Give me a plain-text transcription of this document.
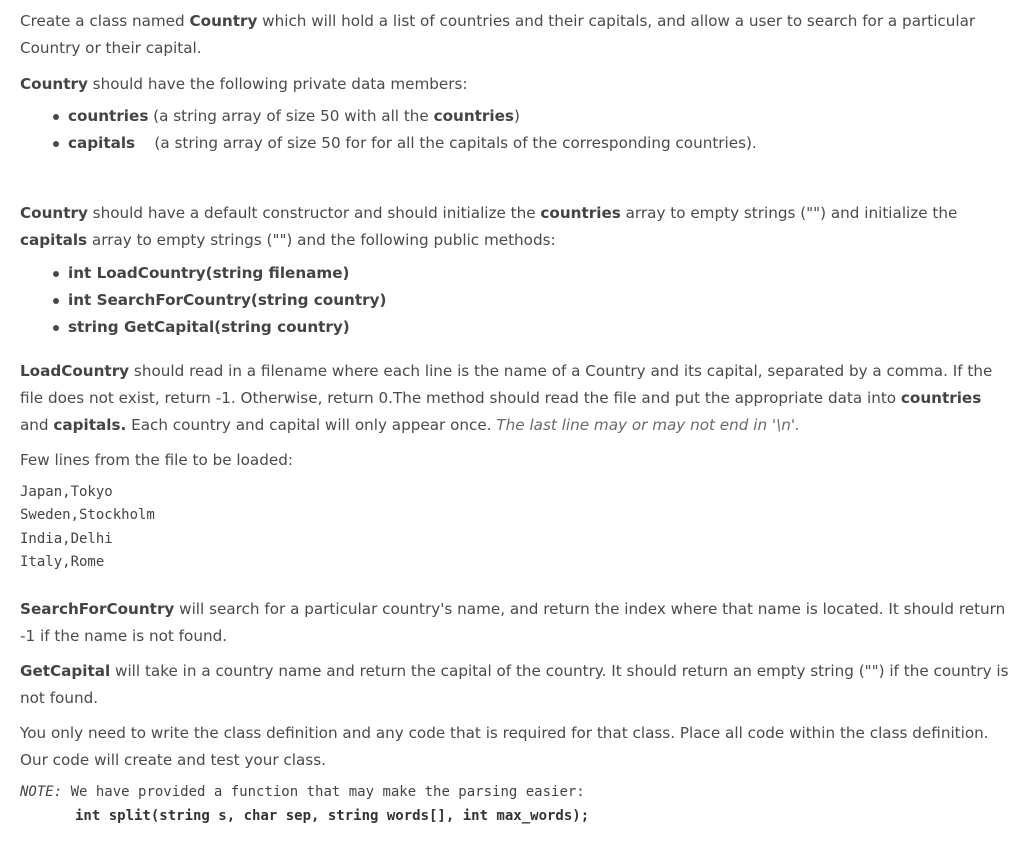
Create a class named Country which will hold a list of countries and their capitals, and allow a user to search for a particular Country or their capital.

Country should have the following private data members:

countries (a string array of size 50 with all the countries)
capitals    (a string array of size 50 for for all the capitals of the corresponding countries).

Country should have a default constructor and should initialize the countries array to empty strings ("") and initialize the capitals array to empty strings ("") and the following public methods:

int LoadCountry(string filename)
int SearchForCountry(string country)
string GetCapital(string country)

LoadCountry should read in a filename where each line is the name of a Country and its capital, separated by a comma. If the file does not exist, return -1. Otherwise, return 0.The method should read the file and put the appropriate data into countries and capitals. Each country and capital will only appear once. The last line may or may not end in '\n'.

Few lines from the file to be loaded:

Japan,Tokyo
Sweden,Stockholm
India,Delhi
Italy,Rome

SearchForCountry will search for a particular country's name, and return the index where that name is located. It should return -1 if the name is not found.

GetCapital will take in a country name and return the capital of the country. It should return an empty string ("") if the country is not found.

You only need to write the class definition and any code that is required for that class. Place all code within the class definition. Our code will create and test your class.

NOTE: We have provided a function that may make the parsing easier:
int split(string s, char sep, string words[], int max_words);
